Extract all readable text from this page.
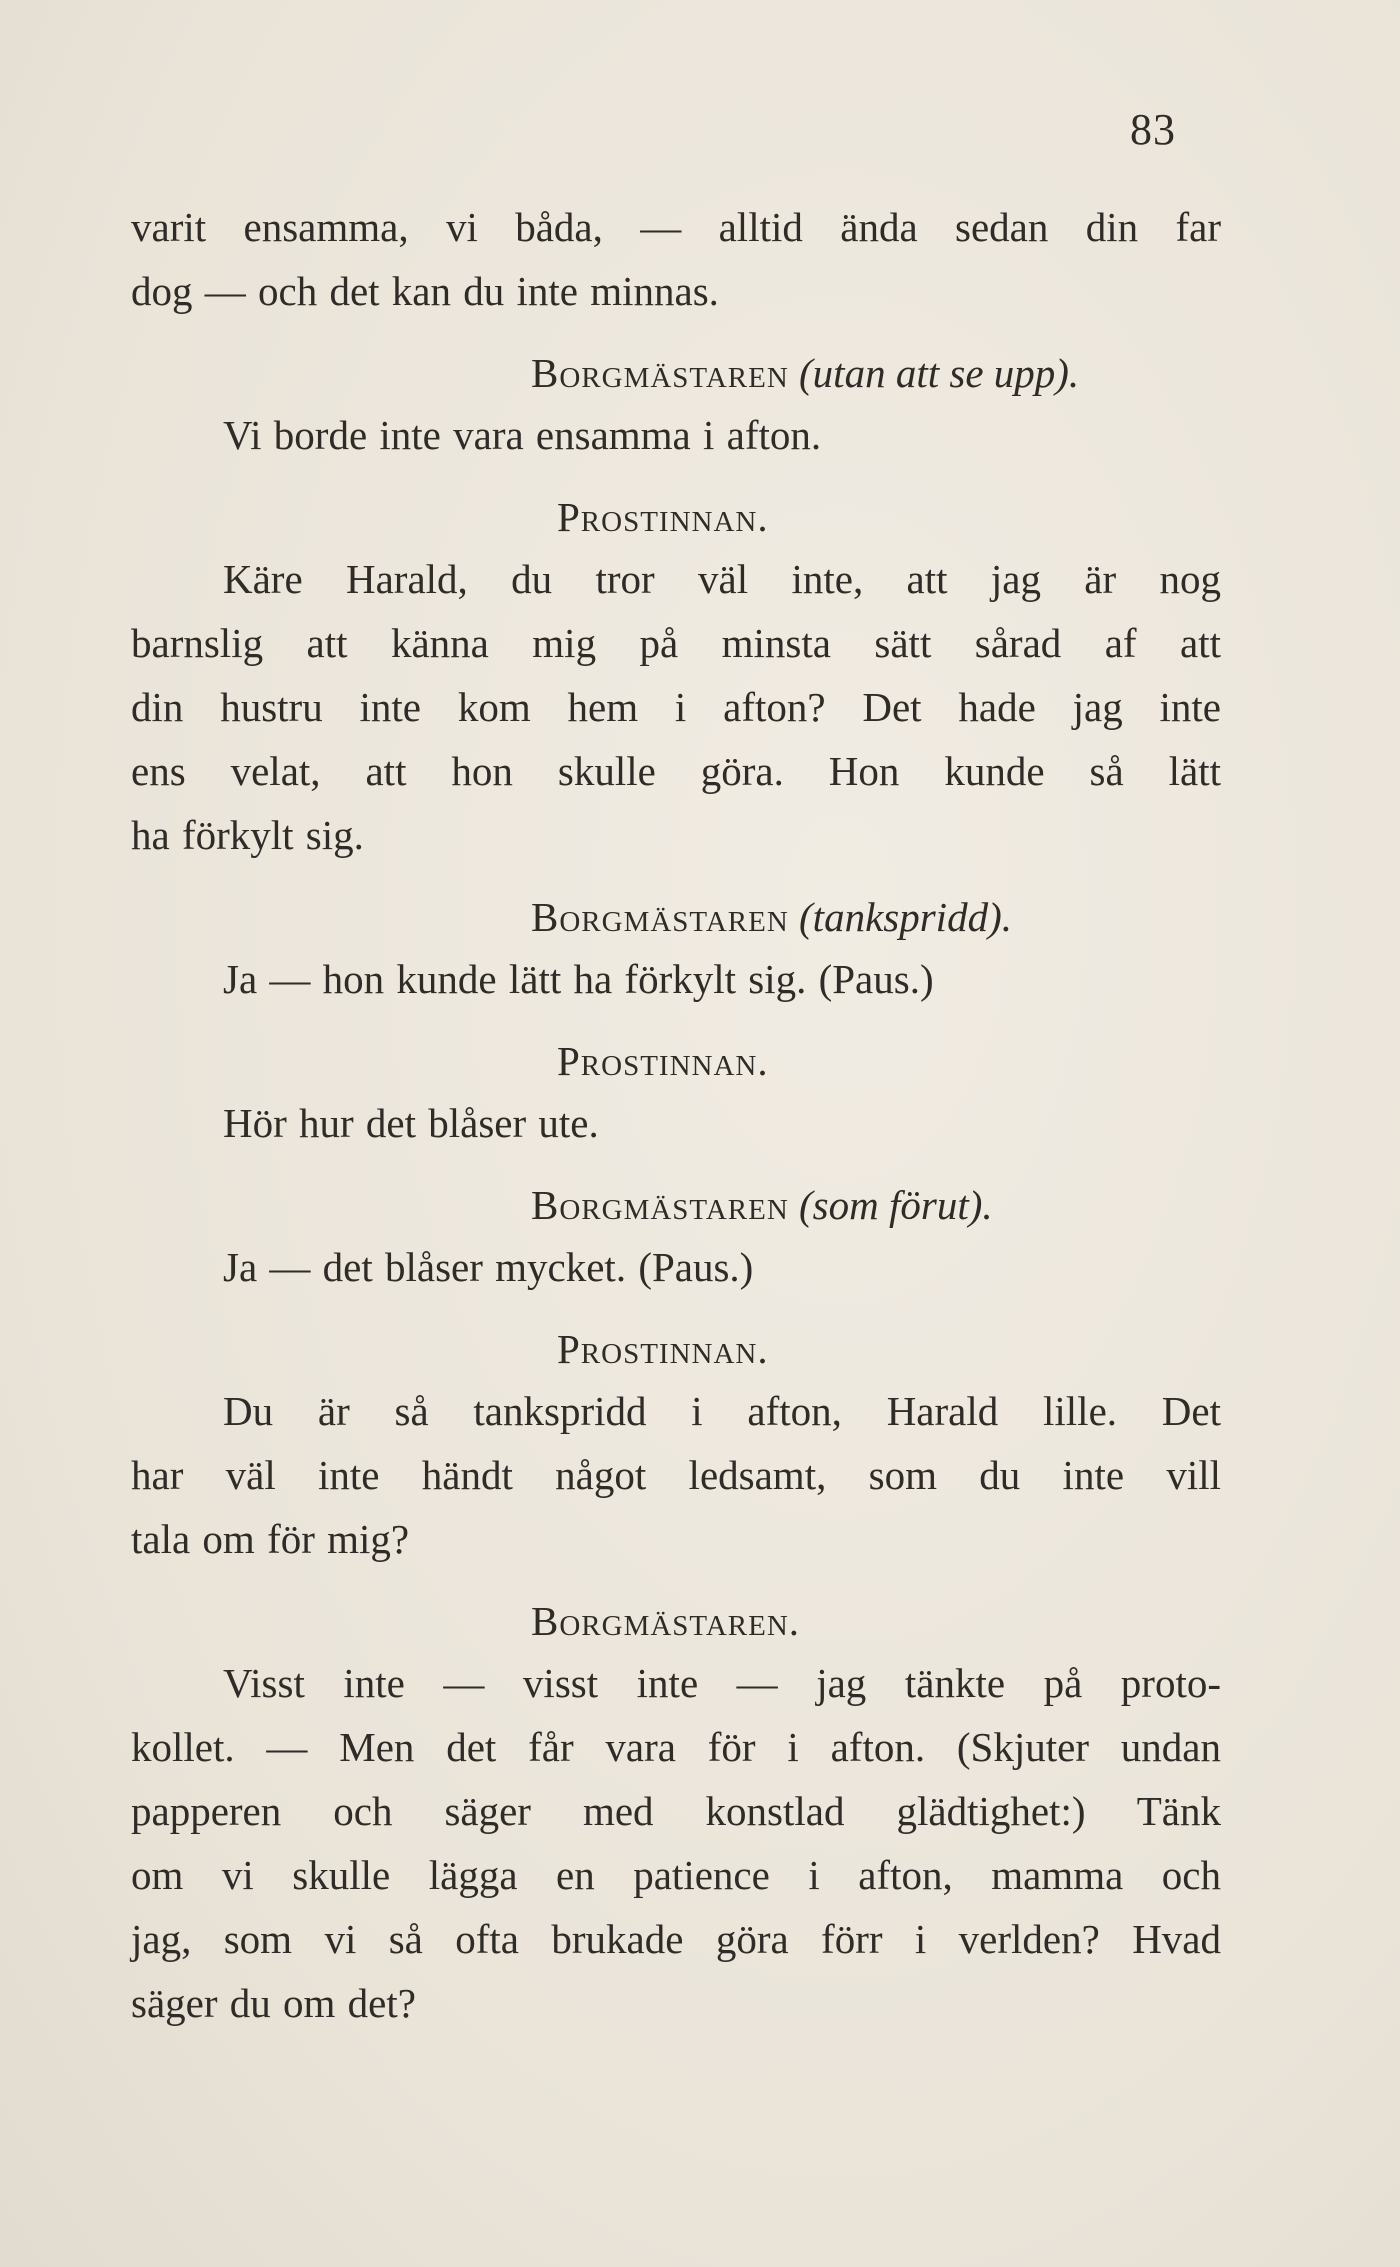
83

varit ensamma, vi båda, — alltid ända sedan din far

dog — och det kan du inte minnas.

Borgmästaren (utan att se upp).

Vi borde inte vara ensamma i afton.

Prostinnan.

Käre Harald, du tror väl inte, att jag är nog

barnslig att känna mig på minsta sätt sårad af att

din hustru inte kom hem i afton? Det hade jag inte

ens velat, att hon skulle göra. Hon kunde så lätt

ha förkylt sig.

Borgmästaren (tankspridd).

Ja — hon kunde lätt ha förkylt sig. (Paus.)

Prostinnan.

Hör hur det blåser ute.

Borgmästaren (som förut).

Ja — det blåser mycket. (Paus.)

Prostinnan.

Du är så tankspridd i afton, Harald lille. Det

har väl inte händt något ledsamt, som du inte vill

tala om för mig?

Borgmästaren.

Visst inte — visst inte — jag tänkte på proto-

kollet. — Men det får vara för i afton. (Skjuter undan

papperen och säger med konstlad glädtighet:) Tänk

om vi skulle lägga en patience i afton, mamma och

jag, som vi så ofta brukade göra förr i verlden? Hvad

säger du om det?
